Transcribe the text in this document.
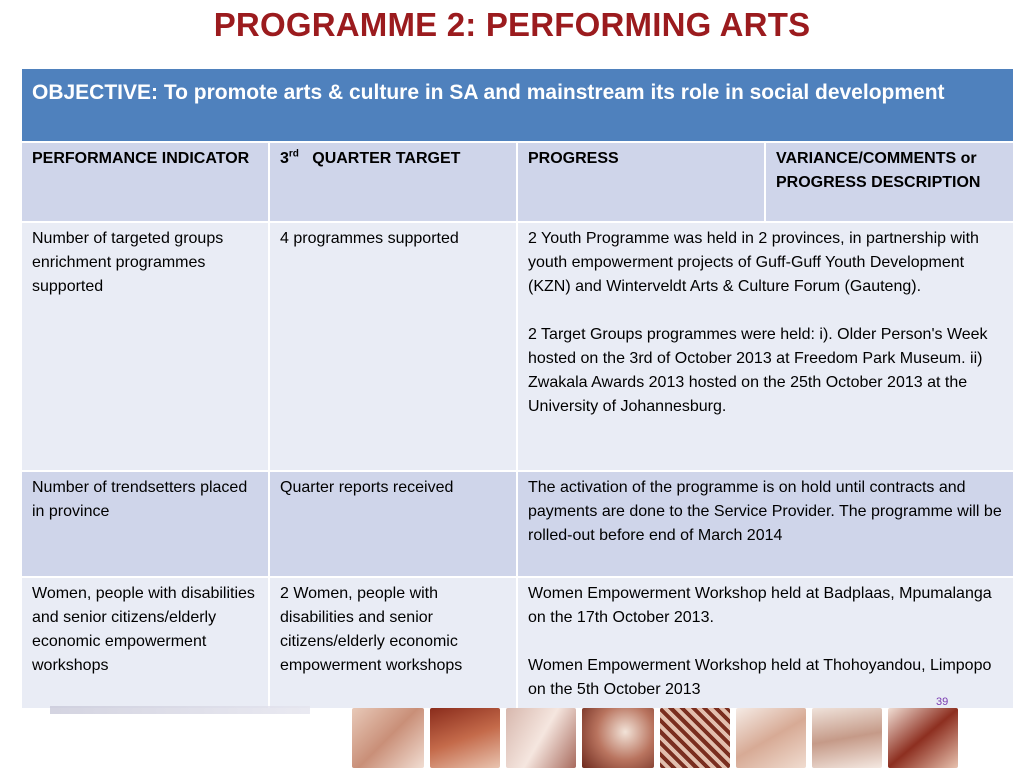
PROGRAMME 2: PERFORMING ARTS
OBJECTIVE: To promote arts & culture in SA and mainstream its role in social development			
PERFORMANCE INDICATOR	3rd QUARTER TARGET	PROGRESS	VARIANCE/COMMENTS or PROGRESS DESCRIPTION
Number of targeted groups enrichment programmes supported	4 programmes supported	2 Youth Programme was held in 2 provinces, in partnership with youth empowerment projects of Guff-Guff Youth Development (KZN) and Winterveldt Arts & Culture Forum (Gauteng).

2 Target Groups programmes were held: i). Older Person's Week hosted on the 3rd of October 2013 at Freedom Park Museum. ii) Zwakala Awards 2013 hosted on the 25th October 2013 at the University of Johannesburg.	
Number of trendsetters placed in province	Quarter reports received	The activation of the programme is on hold until contracts and payments are done to the Service Provider. The programme will be rolled-out before end of March 2014	
Women, people with disabilities and senior citizens/elderly economic empowerment workshops	2 Women, people with disabilities and senior citizens/elderly economic empowerment workshops	Women Empowerment Workshop held at Badplaas, Mpumalanga on the 17th October 2013.

Women Empowerment Workshop held at Thohoyandou, Limpopo on the 5th October 2013	
39
